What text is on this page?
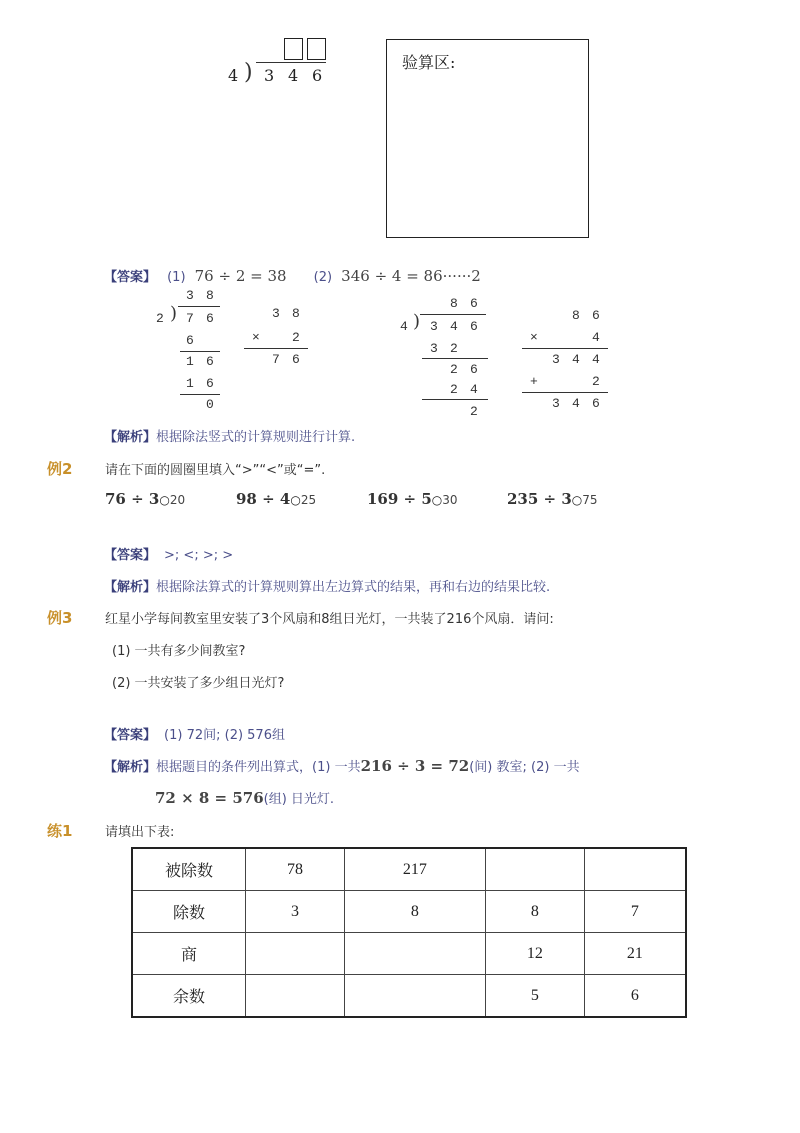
4 ) 3 4 6
验算区:
【答案】 (1) 76 ÷ 2 = 38 (2) 346 ÷ 4 = 86······2
3 8
2 ) 7 6
6
1 6
1 6
0
3 8
× 2
7 6
8 6
4 ) 3 4 6
3 2
2 6
2 4
2
8 6
×	4
3 4 4
+	2
3 4 6
【解析】根据除法竖式的计算规则进行计算.
例2	请在下面的圆圈里填入“>”“<”或“=”.
76 ÷ 3○20	98 ÷ 4○25	169 ÷ 5○30	235 ÷ 3○75
【答案】 >; <; >; >
【解析】根据除法算式的计算规则算出左边算式的结果，再和右边的结果比较.
例3	红星小学每间教室里安装了3个风扇和8组日光灯，一共装了216个风扇．请问:
(1) 一共有多少间教室?
(2) 一共安装了多少组日光灯?
【答案】 (1) 72间; (2) 576组
【解析】根据题目的条件列出算式，(1) 一共216 ÷ 3 = 72(间) 教室; (2) 一共
72 × 8 = 576(组) 日光灯.
练1	请填出下表:
被除数	78	217		
除数	3	8	8	7
商			12	21
余数			5	6
